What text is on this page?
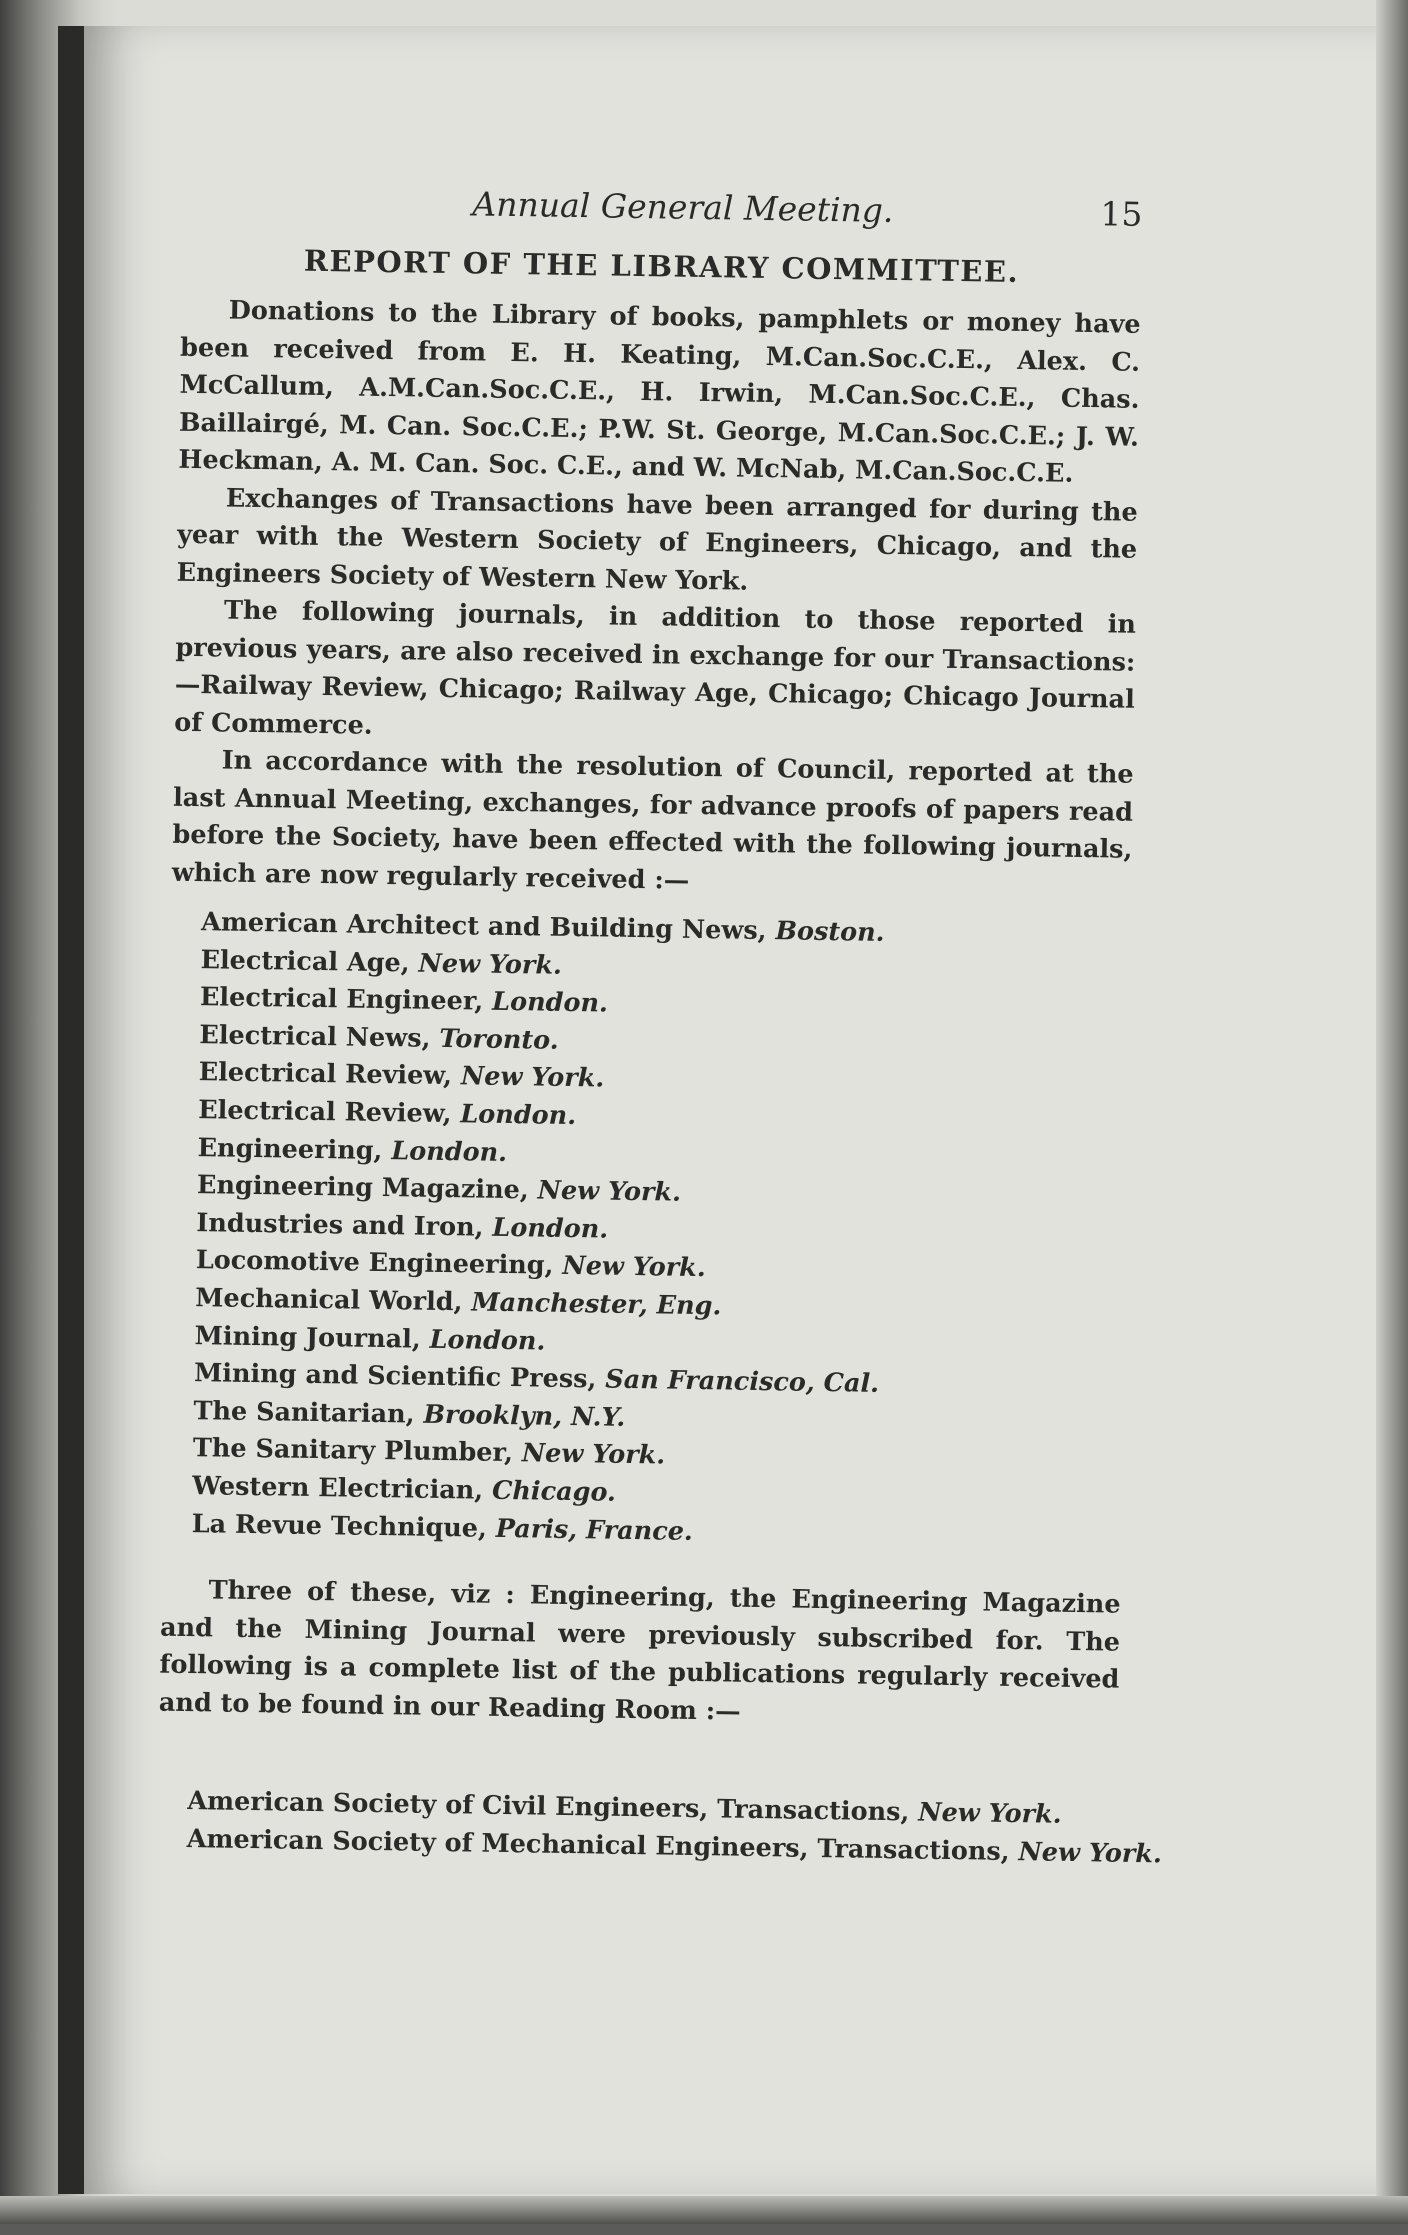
Annual General Meeting.	15
REPORT OF THE LIBRARY COMMITTEE.

Donations to the Library of books, pamphlets or money have been received from E. H. Keating, M.Can.Soc.C.E., Alex. C. McCallum, A.M.Can.Soc.C.E., H. Irwin, M.Can.Soc.C.E., Chas. Baillairgé, M. Can. Soc.C.E.; P.W. St. George, M.Can.Soc.C.E.; J. W. Heckman, A. M. Can. Soc. C.E., and W. McNab, M.Can.Soc.C.E.

Exchanges of Transactions have been arranged for during the year with the Western Society of Engineers, Chicago, and the Engineers Society of Western New York.

The following journals, in addition to those reported in previous years, are also received in exchange for our Transactions:—Railway Review, Chicago; Railway Age, Chicago; Chicago Journal of Commerce.

In accordance with the resolution of Council, reported at the last Annual Meeting, exchanges, for advance proofs of papers read before the Society, have been effected with the following journals, which are now regularly received :—

American Architect and Building News, Boston.
Electrical Age, New York.
Electrical Engineer, London.
Electrical News, Toronto.
Electrical Review, New York.
Electrical Review, London.
Engineering, London.
Engineering Magazine, New York.
Industries and Iron, London.
Locomotive Engineering, New York.
Mechanical World, Manchester, Eng.
Mining Journal, London.
Mining and Scientific Press, San Francisco, Cal.
The Sanitarian, Brooklyn, N.Y.
The Sanitary Plumber, New York.
Western Electrician, Chicago.
La Revue Technique, Paris, France.

Three of these, viz : Engineering, the Engineering Magazine and the Mining Journal were previously subscribed for. The following is a complete list of the publications regularly received and to be found in our Reading Room :—

American Society of Civil Engineers, Transactions, New York.
American Society of Mechanical Engineers, Transactions, New York.
